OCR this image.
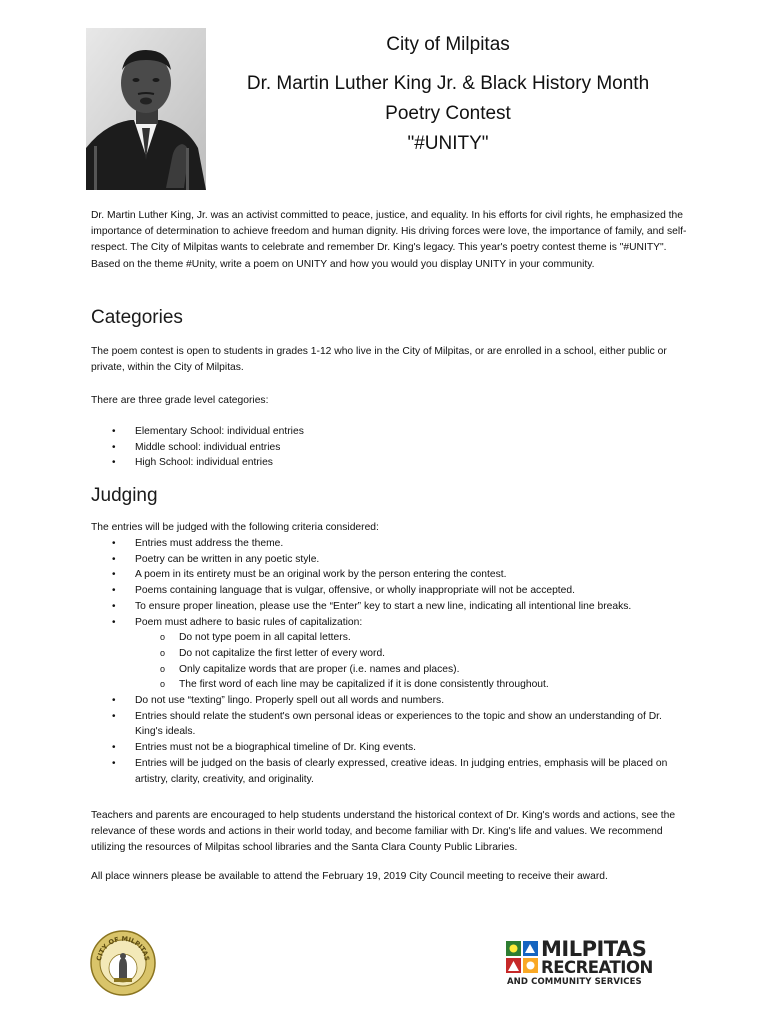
City of Milpitas
Dr. Martin Luther King Jr. & Black History Month
Poetry Contest
"#UNITY"

Dr. Martin Luther King, Jr. was an activist committed to peace, justice, and equality. In his efforts for civil rights, he emphasized the importance of determination to achieve freedom and human dignity. His driving forces were love, the importance of family, and self-respect. The City of Milpitas wants to celebrate and remember Dr. King's legacy. This year's poetry contest theme is "#UNITY". Based on the theme #Unity, write a poem on UNITY and how you would you display UNITY in your community.

Categories

The poem contest is open to students in grades 1-12 who live in the City of Milpitas, or are enrolled in a school, either public or private, within the City of Milpitas.

There are three grade level categories:

• Elementary School: individual entries
• Middle school: individual entries
• High School: individual entries
Judging

The entries will be judged with the following criteria considered:

• Entries must address the theme.
• Poetry can be written in any poetic style.
• A poem in its entirety must be an original work by the person entering the contest.
• Poems containing language that is vulgar, offensive, or wholly inappropriate will not be accepted.
• To ensure proper lineation, please use the “Enter” key to start a new line, indicating all intentional line breaks.
• Poem must adhere to basic rules of capitalization:
o Do not type poem in all capital letters.
o Do not capitalize the first letter of every word.
o Only capitalize words that are proper (i.e. names and places).
o The first word of each line may be capitalized if it is done consistently throughout.
• Do not use “texting” lingo. Properly spell out all words and numbers.
• Entries should relate the student's own personal ideas or experiences to the topic and show an understanding of Dr. King's ideals.
• Entries must not be a biographical timeline of Dr. King events.
• Entries will be judged on the basis of clearly expressed, creative ideas. In judging entries, emphasis will be placed on artistry, clarity, creativity, and originality.

Teachers and parents are encouraged to help students understand the historical context of Dr. King's words and actions, see the relevance of these words and actions in their world today, and become familiar with Dr. King's life and values. We recommend utilizing the resources of Milpitas school libraries and the Santa Clara County Public Libraries.

All place winners please be available to attend the February 19, 2019 City Council meeting to receive their award.

CITY OF MILPITAS	MILPITAS
RECREATION
AND COMMUNITY SERVICES
